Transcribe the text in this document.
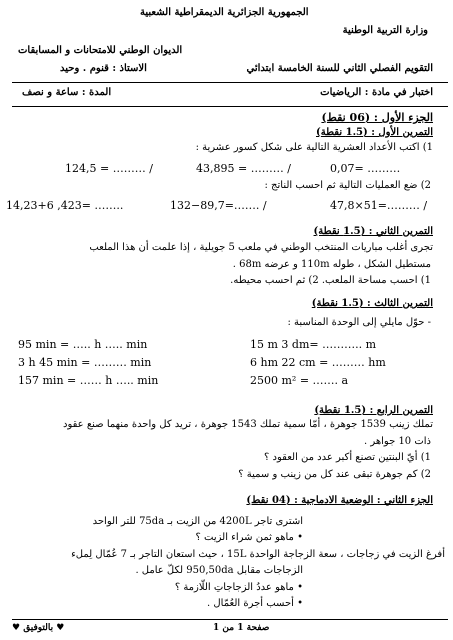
الجمهورية الجزائرية الديمقراطية الشعبية
وزارة التربية الوطنية
الديوان الوطني للامتحانات و المسابقات
التقويم الفصلي الثاني للسنة الخامسة ابتدائي
الاستاذ : قنوم . وحيد
اختبار في مادة : الرياضيات
المدة : ساعة و نصف
الجزء الأول : (06 نقط)
التمرين الأول : (1.5 نقطة)
1) اكتب الأعداد العشرية التالية على شكل كسور عشرية :
0,07= ………
43,895 = ……… /
124,5 = ……… /
2) ضع العمليات التالية ثم احسب الناتج :
47,8×51=……… /
132−89,7=……. /
14,23+6 ,423= ……..
التمرين الثاني : (1.5 نقطة)
تجرى أغلب مباريات المنتخب الوطني في ملعب 5 جويلية ، إذا علمت أن هذا الملعب
مستطيل الشكل ، طوله 110m و عرضه 68m .
1) احسب مساحة الملعب. 2) ثم احسب محيطه.
التمرين الثالث : (1.5 نقطة)
- حوّل مايلي إلى الوحدة المناسبة :
95 min = ….. h ….. min
3 h 45 min = ……… min
157 min = …… h ….. min
15 m 3 dm= ……….. m
6 hm 22 cm = ……… hm
2500 m² = ……. a
التمرين الرابع : (1.5 نقطة)
تملك زينب 1539 جوهرة ، أمّا سمية تملك 1543 جوهرة ، تريد كل واحدة منهما صنع عقود
ذات 10 جواهر .
1) أيّ البنتين تصنع أكبر عدد من العقود ؟
2) كم جوهرة تبقى عند كل من زينب و سمية ؟
الجزء الثاني : الوضعية الادماجية : (04 نقط)
اشترى تاجر 4200L من الزيت بـ 75da للتر الواحد
• ماهو ثمن شراء الزيت ؟
أفرغ الزيت في زجاجات ، سعة الزجاجة الواحدة 15L ، حيث استعان التاجر بـ 7 عُمّال لِملء
الزجاجات مقابل 950,50da لكلّ عامل .
• ماهو عددُ الزجاجاتِ اللّازمة ؟
• أحسب أجرة العُمّال .
صفحة 1 من 1
♥ بالتوفيق ♥
